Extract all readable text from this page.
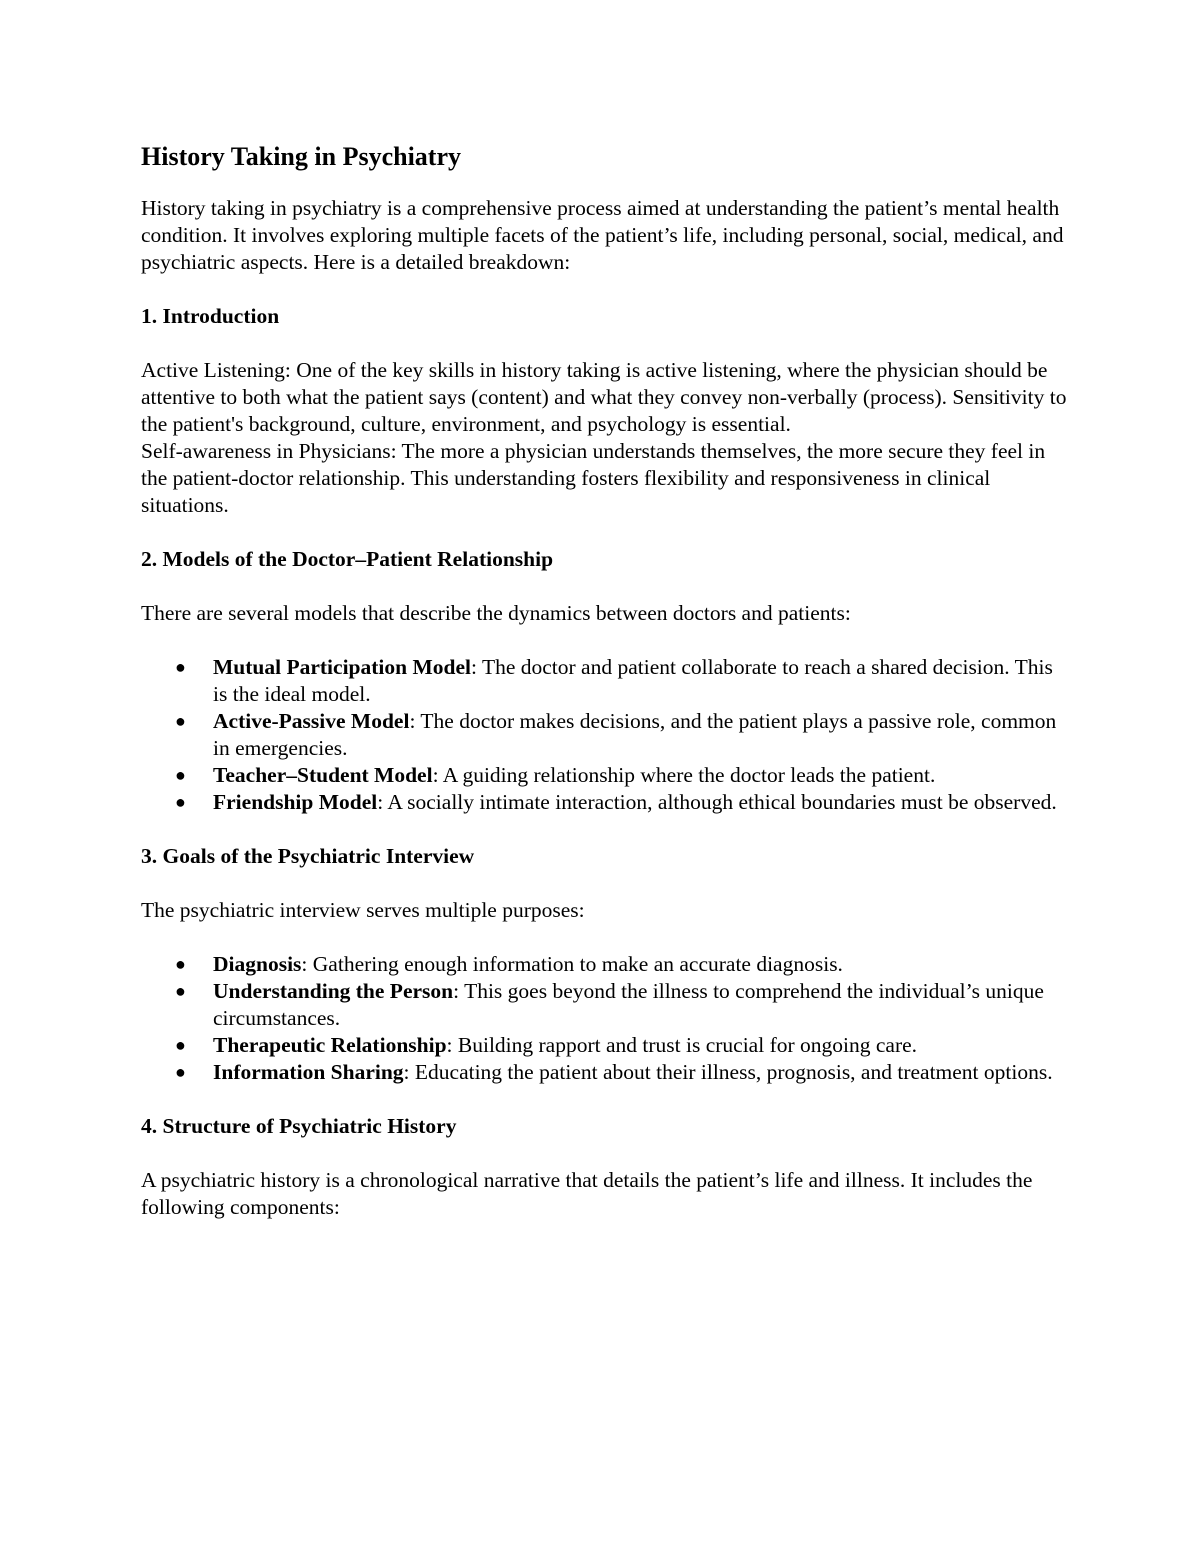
History Taking in Psychiatry

History taking in psychiatry is a comprehensive process aimed at understanding the patient’s mental health condition. It involves exploring multiple facets of the patient’s life, including personal, social, medical, and psychiatric aspects. Here is a detailed breakdown:

1. Introduction

Active Listening: One of the key skills in history taking is active listening, where the physician should be attentive to both what the patient says (content) and what they convey non-verbally (process). Sensitivity to the patient's background, culture, environment, and psychology is essential.

Self-awareness in Physicians: The more a physician understands themselves, the more secure they feel in the patient-doctor relationship. This understanding fosters flexibility and responsiveness in clinical situations.

2. Models of the Doctor–Patient Relationship

There are several models that describe the dynamics between doctors and patients:

● Mutual Participation Model: The doctor and patient collaborate to reach a shared decision. This is the ideal model.
● Active-Passive Model: The doctor makes decisions, and the patient plays a passive role, common in emergencies.
● Teacher–Student Model: A guiding relationship where the doctor leads the patient.
● Friendship Model: A socially intimate interaction, although ethical boundaries must be observed.
3. Goals of the Psychiatric Interview

The psychiatric interview serves multiple purposes:

● Diagnosis: Gathering enough information to make an accurate diagnosis.
● Understanding the Person: This goes beyond the illness to comprehend the individual’s unique circumstances.
● Therapeutic Relationship: Building rapport and trust is crucial for ongoing care.
● Information Sharing: Educating the patient about their illness, prognosis, and treatment options.
4. Structure of Psychiatric History

A psychiatric history is a chronological narrative that details the patient’s life and illness. It includes the following components:
